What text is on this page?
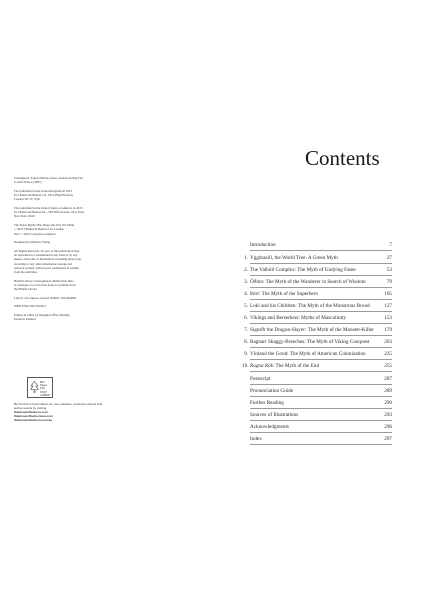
Frontispiece: Edward Burne-Jones, Gudrun Setting Fire
to Atli's Palace (1897)

First published in the United Kingdom in 2023
by Thames & Hudson Ltd, 181A High Holborn,
London WC1V 7QX

First published in the United States of America in 2023
by Thames & Hudson Inc., 500 Fifth Avenue, New York,
New York 10110

The Norse Myths That Shape the Way We Think
© 2023 Thames & Hudson Ltd, London
Text © 2023 Carolyne Larrington

Designed by Matthew Young

All Rights Reserved. No part of this publication may
be reproduced or transmitted in any form or by any
means, electronic or mechanical, including photocopy,
recording or any other information storage and
retrieval system, without prior permission in writing
from the publisher.

British Library Cataloguing-in-Publication Data
A catalogue record for this book is available from
the British Library

Library of Congress Control Number 2022944082

ISBN 978-0-500-25249-5

Printed in China by Shanghai Offset Printing
Products Limited

MIX
Paper
FSC
FSC® C008047
Be the first to know about our new releases, exclusive content and author events by visiting
thamesandhudson.com
thamesandhudsonusa.com
thamesandhudson.com.au
Contents
Introduction	7
1. Yggdrasill, the World Tree: A Green Myth	27
2. The Valhöll Complex: The Myth of Undying Fame	53
3. Óðinn: The Myth of the Wanderer in Search of Wisdom	79
4. Þórr: The Myth of the Superhero	105
5. Loki and his Children: The Myth of the Monstrous Brood	127
6. Vikings and Berserkers: Myths of Masculinity	153
7. Sigurðr the Dragon-Slayer: The Myth of the Monster-Killer 179
8. Ragnarr Shaggy-Breeches: The Myth of Viking Conquest	203
9. Vínland the Good: The Myth of American Colonization	225
10. Ragna Rök: The Myth of the End	255
Postscript	287
Pronunciation Guide	289
Further Reading	290
Sources of Illustrations	293
Acknowledgments	296
Index	297
